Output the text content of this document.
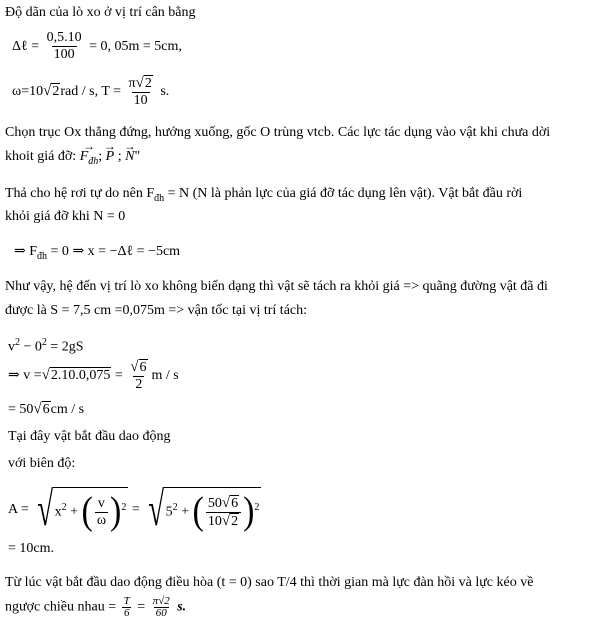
Độ dãn của lò xo ở vị trí cân bằng
Δℓ = $\frac{0,5.10}{100} = 0$, 05m = 5cm,
ω=10√2rad / s, $T = \frac{\pi√2}{10} s$.
Chọn trục Ox thẳng đứng, hướng xuống, gốc O trùng vtcb. Các lực tác dụng vào vật khi chưa dời
khoit giá đỡ: → $F_{đh}$; → P ; → N"
Thả cho hệ rơi tự do nên $F_{đh} = N$ (N là phản lực của giá đỡ tác dụng lên vật). Vật bắt đầu rời
khỏi giá đỡ khi N = 0
⇒ $F_{đh} = 0$ ⇒ x = −Δℓ = −5cm
Như vậy, hệ đến vị trí lò xo không biến dạng thì vật sẽ tách ra khỏi giá => quãng đường vật đã đi
được là S = 7,5 cm =0,075m => vận tốc tại vị trí tách:
$v^2 - 0^2 = 2gS$
⇒ $v =√2.10.0,075 = \frac{√6}{2}$ m / s
= 50√6cm / s
Tại đây vật bắt đầu dao động
với biên độ:
$A = √x^2$ + ( $\frac{v}{\omega} )^2 = √5^2$ + ( $\frac{50√6}{10√2} )^2$
= 10cm.
Từ lúc vật bắt đầu dao động điều hòa (t = 0) sao T/4 thì thời gian mà lực đàn hồi và lực kéo về
ngược chiều nhau = $\frac{T}{6} = \frac{\pi√2}{60} s$.
